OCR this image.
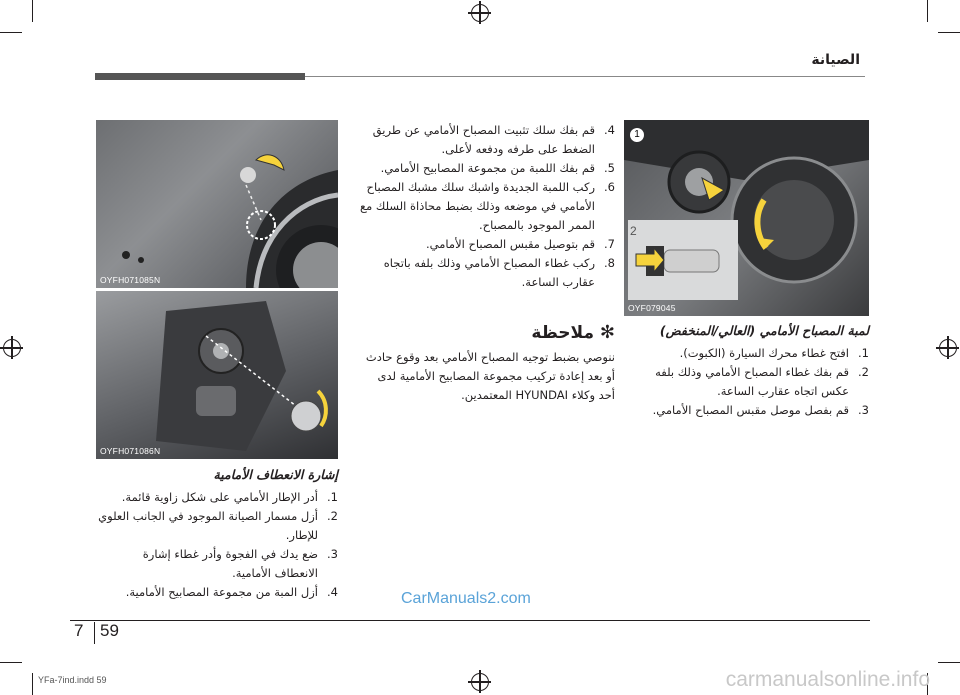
الصيانة
OYFH071085N
OYFH071086N
إشارة الانعطاف الأمامية
1.
أدر الإطار الأمامي على شكل زاوية قائمة.
2.
أزل مسمار الصيانة الموجود في الجانب العلوي للإطار.
3.
ضع يدك في الفجوة وأدر غطاء إشارة الانعطاف الأمامية.
4.
أزل المبة من مجموعة المصابيح الأمامية.
4.
قم بفك سلك تثبيت المصباح الأمامي عن طريق الضغط على طرفه ودفعه لأعلى.
5.
قم بفك اللمبة من مجموعة المصابيح الأمامي.
6.
ركب اللمبة الجديدة واشبك سلك مشبك المصباح الأمامي في موضعه وذلك بضبط محاذاة السلك مع الممر الموجود بالمصباح.
7.
قم بتوصيل مقبس المصباح الأمامي.
8.
ركب غطاء المصباح الأمامي وذلك بلفه باتجاه عقارب الساعة.
✻ ملاحظة
ننوصي بضبط توجيه المصباح الأمامي بعد وقوع حادث أو بعد إعادة تركيب مجموعة المصابيح الأمامية لدى أحد وكلاء HYUNDAI المعتمدين.
1
2
OYF079045
لمبة المصباح الأمامي (العالي/المنخفض)
1.
افتح غطاء محرك السيارة (الكبوت).
2.
قم بفك غطاء المصباح الأمامي وذلك بلفه عكس اتجاه عقارب الساعة.
3.
قم بفصل موصل مقبس المصباح الأمامي.
CarManuals2.com
7 59
YFa-7ind.indd 59	carmanualsonline.info
